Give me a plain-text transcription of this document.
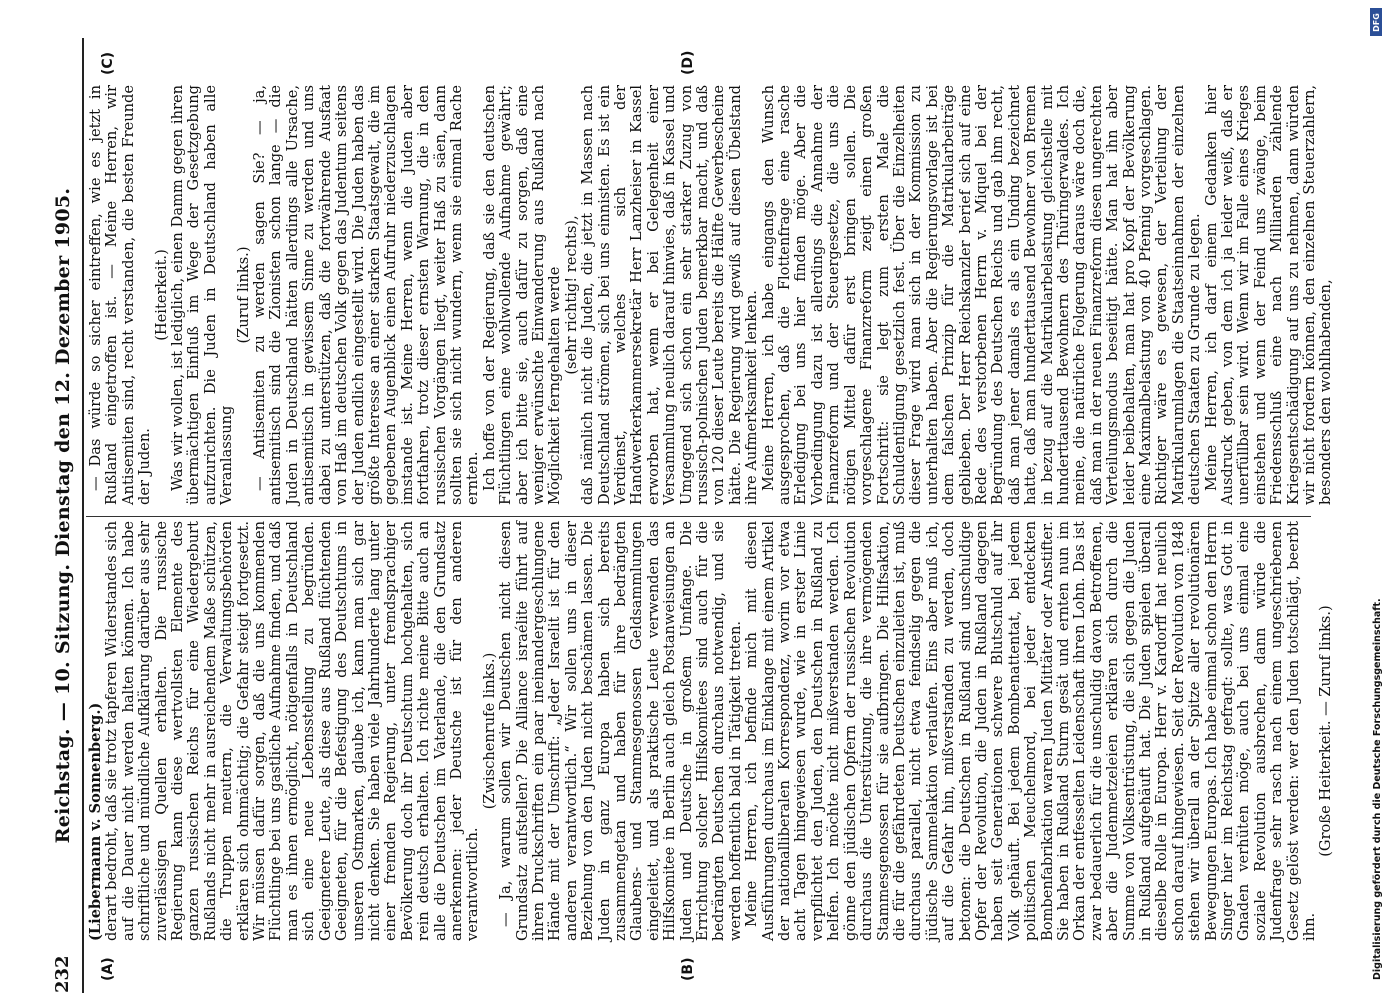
232
Reichstag. — 10. Sitzung. Dienstag den 12. Dezember 1905.
(A)	(B)
(C)	(D)

(Liebermann v. Sonnenberg.) derart bedroht, daß sie trotz tapferen Widerstandes sich auf die Dauer nicht werden halten können. Ich habe schriftliche und mündliche Aufklärung darüber aus sehr zuverlässigen Quellen erhalten. Die russische Regierung kann diese wertvollsten Elemente des ganzen russischen Reichs für eine Wiedergeburt Rußlands nicht mehr in ausreichendem Maße schützen, die Truppen meutern, die Verwaltungsbehörden erklären sich ohnmächtig; die Gefahr steigt fortgesetzt. Wir müssen dafür sorgen, daß die uns kommenden Flüchtlinge bei uns gastliche Aufnahme finden, und daß man es ihnen ermöglicht, nötigenfalls in Deutschland sich eine neue Lebensstellung zu begründen. Geeignetere Leute, als diese aus Rußland flüchtenden Geeigneten, für die Befestigung des Deutschtums in unseren Ostmarken, glaube ich, kann man sich gar nicht denken. Sie haben viele Jahrhunderte lang unter einer fremden Regierung, unter fremdsprachiger Bevölkerung doch ihr Deutschtum hochgehalten, sich rein deutsch erhalten. Ich richte meine Bitte auch an alle die Deutschen im Vaterlande, die den Grundsatz anerkennen: jeder Deutsche ist für den anderen verantwortlich.

(Zwischenrufe links.) — Ja, warum sollen wir Deutschen nicht diesen Grundsatz aufstellen? Die Alliance israélite führt auf ihren Druckschriften ein paar ineinandergeschlungene Hände mit der Umschrift: „Jeder Israelit ist für den anderen verantwortlich.“ Wir sollen uns in dieser Beziehung von den Juden nicht beschämen lassen. Die Juden in ganz Europa haben sich bereits zusammengetan und haben für ihre bedrängten Glaubens- und Stammesgenossen Geldsammlungen eingeleitet, und als praktische Leute verwenden das Hilfskomitee in Berlin auch gleich Postanweisungen an Juden und Deutsche in großem Umfange. Die Errichtung solcher Hilfskomitees sind auch für die bedrängten Deutschen durchaus notwendig, und sie werden hoffentlich bald in Tätigkeit treten. Meine Herren, ich befinde mich mit diesen Ausführungen durchaus im Einklange mit einem Artikel der nationalliberalen Korrespondenz, worin vor etwa acht Tagen hingewiesen wurde, wie in erster Linie verpflichtet den Juden, den Deutschen in Rußland zu helfen. Ich möchte nicht mißverstanden werden. Ich gönne den jüdischen Opfern der russischen Revolution durchaus die Unterstützung, die ihre vermögenden Stammesgenossen für sie aufbringen. Die Hilfsaktion, die für die gefährdeten Deutschen einzuleiten ist, muß durchaus parallel, nicht etwa feindselig gegen die jüdische Sammelaktion verlaufen. Eins aber muß ich, auf die Gefahr hin, mißverstanden zu werden, doch betonen: die Deutschen in Rußland sind unschuldige Opfer der Revolution, die Juden in Rußland dagegen haben seit Generationen schwere Blutschuld auf ihr Volk gehäuft. Bei jedem Bombenattentat, bei jedem politischen Meuchelmord, bei jeder entdeckten Bombenfabrikation waren Juden Mittäter oder Anstifter. Sie haben in Rußland Sturm gesät und ernten nun im Orkan der entfesselten Leidenschaft ihren Lohn. Das ist zwar bedauerlich für die unschuldig davon Betroffenen, aber die Judenmetzeleien erklären sich durch die Summe von Volksentrüstung, die sich gegen die Juden in Rußland aufgehäuft hat. Die Juden spielen überall dieselbe Rolle in Europa. Herr v. Kardorff hat neulich schon darauf hingewiesen. Seit der Revolution von 1848 stehen wir überall an der Spitze aller revolutionären Bewegungen Europas. Ich habe einmal schon den Herrn Singer hier im Reichstag gefragt: sollte, was Gott in Gnaden verhüten möge, auch bei uns einmal eine soziale Revolution ausbrechen, dann würde die Judenfrage sehr rasch nach einem ungeschriebenen Gesetz gelöst werden: wer den Juden totschlägt, beerbt ihn.

(Große Heiterkeit. — Zuruf links.)

— Das würde so sicher eintreffen, wie es jetzt in Rußland eingetroffen ist. — Meine Herren, wir Antisemiten sind, recht verstanden, die besten Freunde der Juden.

(Heiterkeit.) Was wir wollen, ist lediglich, einen Damm gegen ihren übermächtigen Einfluß im Wege der Gesetzgebung aufzurichten. Die Juden in Deutschland haben alle Veranlassung

(Zuruf links.) — Antisemiten zu werden sagen Sie? — ja, antisemitisch sind die Zionisten schon lange — die Juden in Deutschland hätten allerdings alle Ursache, antisemitisch in gewissem Sinne zu werden und uns dabei zu unterstützen, daß die fortwährende Ausfaat von Haß im deutschen Volk gegen das Judentum seitens der Juden endlich eingestellt wird. Die Juden haben das größte Interesse an einer starken Staatsgewalt, die im gegebenen Augenblick einen Aufruhr niederzuschlagen imstande ist. Meine Herren, wenn die Juden aber fortfahren, trotz dieser ernsten Warnung, die in den russischen Vorgängen liegt, weiter Haß zu säen, dann sollten sie sich nicht wundern, wenn sie einmal Rache ernten. Ich hoffe von der Regierung, daß sie den deutschen Flüchtlingen eine wohlwollende Aufnahme gewährt; aber ich bitte sie, auch dafür zu sorgen, daß eine weniger erwünschte Einwanderung aus Rußland nach Möglichkeit ferngehalten werde (sehr richtig! rechts), daß nämlich nicht die Juden, die jetzt in Massen nach Deutschland strömen, sich bei uns einnisten. Es ist ein Verdienst, welches sich der Handwerkerkammersekretär Herr Lanzheiser in Kassel erworben hat, wenn er bei Gelegenheit einer Versammlung neulich darauf hinwies, daß in Kassel und Umgegend sich schon ein sehr starker Zuzug von russisch-polnischen Juden bemerkbar macht, und daß von 120 dieser Leute bereits die Hälfte Gewerbescheine hätte. Die Regierung wird gewiß auf diesen Übelstand ihre Aufmerksamkeit lenken. Meine Herren, ich habe eingangs den Wunsch ausgesprochen, daß die Flottenfrage eine rasche Erledigung bei uns hier finden möge. Aber die Vorbedingung dazu ist allerdings die Annahme der Finanzreform und der Steuergesetze, die uns die nötigen Mittel dafür erst bringen sollen. Die vorgeschlagene Finanzreform zeigt einen großen Fortschritt: sie legt zum ersten Male die Schuldentilgung gesetzlich fest. Über die Einzelheiten dieser Frage wird man sich in der Kommission zu unterhalten haben. Aber die Regierungsvorlage ist bei dem falschen Prinzip für die Matrikularbeiträge geblieben. Der Herr Reichskanzler berief sich auf eine Rede des verstorbenen Herrn v. Miquel bei der Begründung des Deutschen Reichs und gab ihm recht, daß man jener damals es als ein Unding bezeichnet hatte, daß man hunderttausend Bewohner von Bremen in bezug auf die Matrikularbelastung gleichstelle mit hunderttausend Bewohnern des Thüringerwaldes. Ich meine, die natürliche Folgerung daraus wäre doch die, daß man in der neuen Finanzreform diesen ungerechten Verteilungsmodus beseitigt hätte. Man hat ihn aber leider beibehalten, man hat pro Kopf der Bevölkerung eine Maximalbelastung von 40 Pfennig vorgeschlagen. Richtiger wäre es gewesen, der Verteilung der Matrikularumlagen die Staatseinnahmen der einzelnen deutschen Staaten zu Grunde zu legen. Meine Herren, ich darf einem Gedanken hier Ausdruck geben, von dem ich ja leider weiß, daß er unerfüllbar sein wird. Wenn wir im Falle eines Krieges einstehen und wenn der Feind uns zwänge, beim Friedensschluß eine nach Milliarden zählende Kriegsentschädigung auf uns zu nehmen, dann würden wir nicht fordern können, den einzelnen Steuerzahlern, besonders den wohlhabenden,

DFG
Digitalisierung gefördert durch die Deutsche Forschungsgemeinschaft.
